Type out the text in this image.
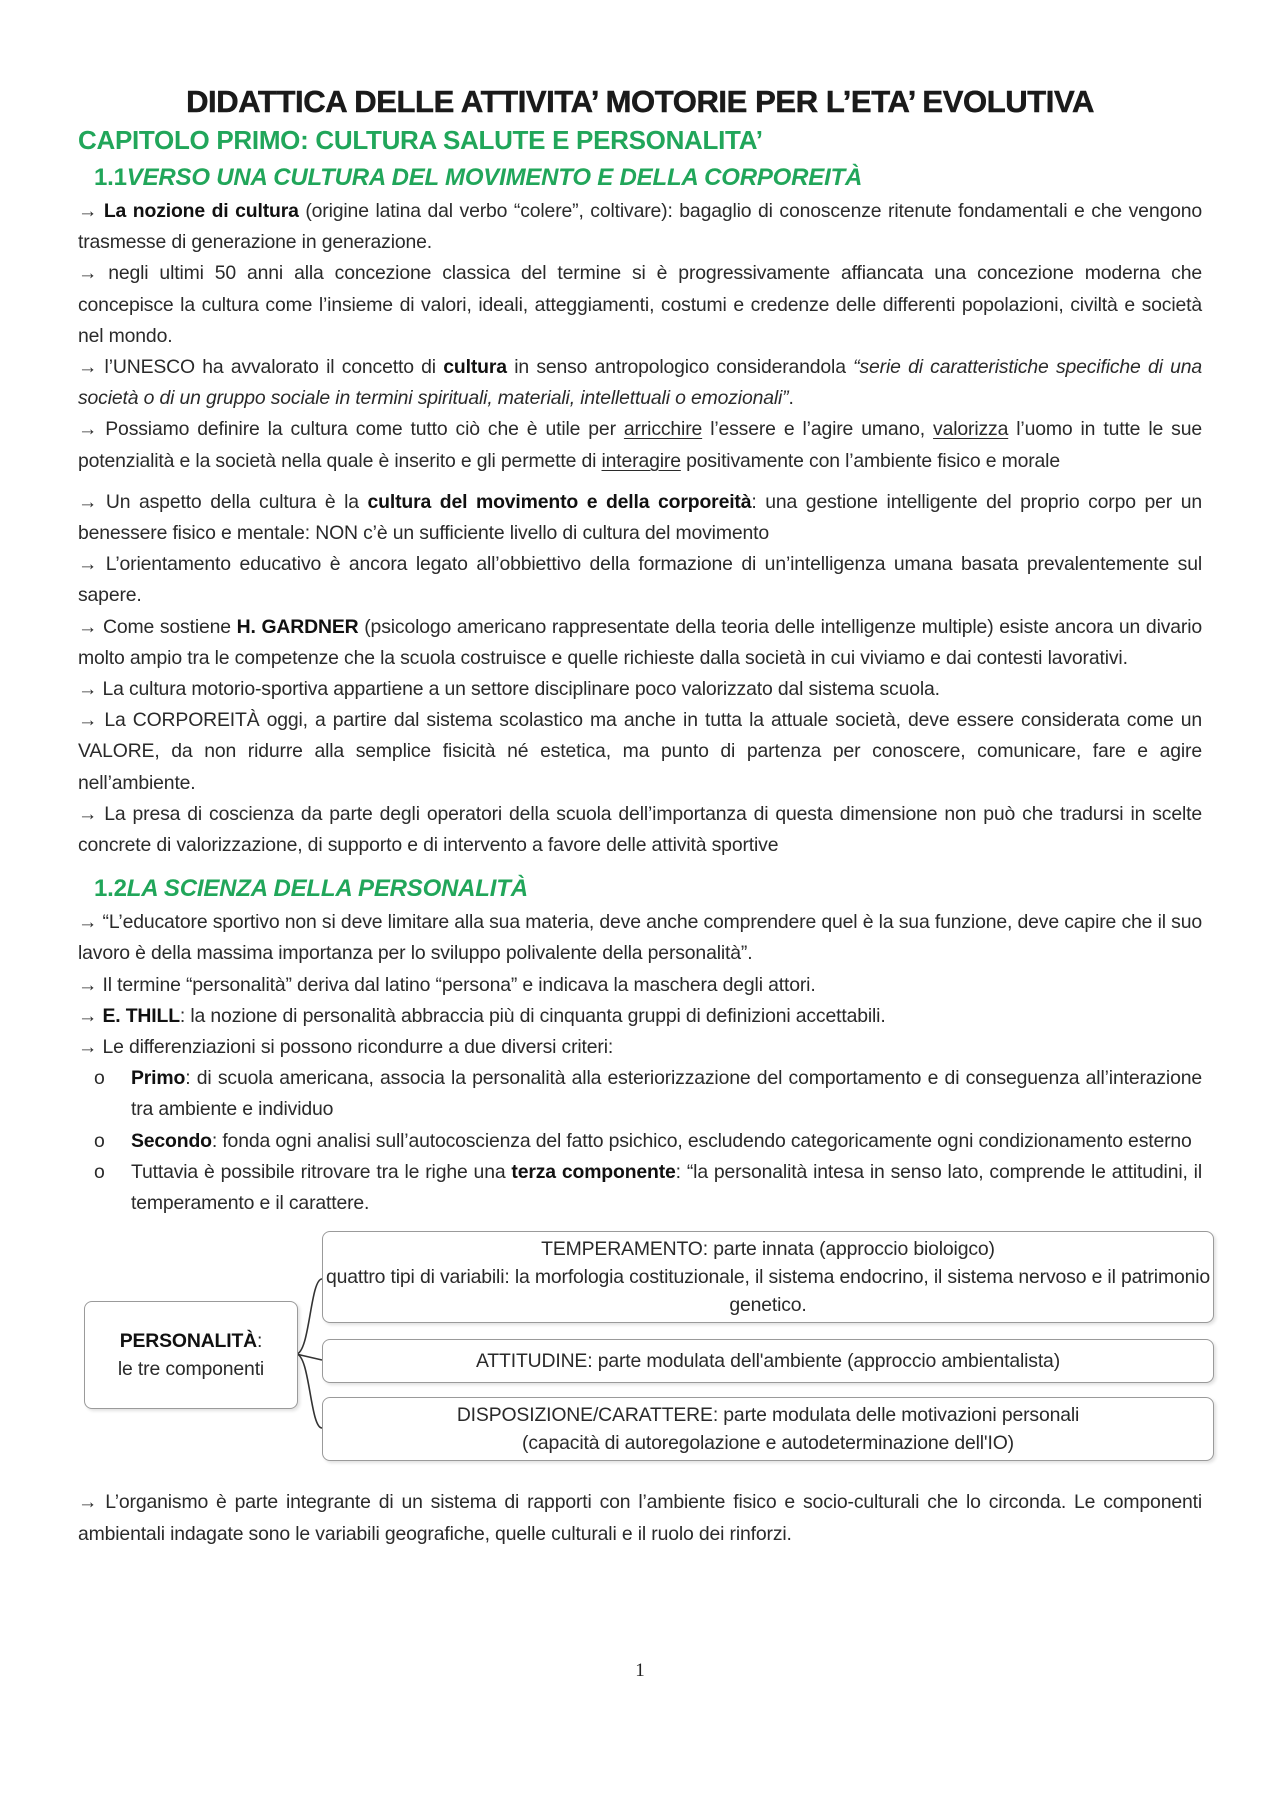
DIDATTICA DELLE ATTIVITA’ MOTORIE PER L’ETA’ EVOLUTIVA
CAPITOLO PRIMO: CULTURA SALUTE E PERSONALITA’
1.1VERSO UNA CULTURA DEL MOVIMENTO E DELLA CORPOREITÀ

→ La nozione di cultura (origine latina dal verbo “colere”, coltivare): bagaglio di conoscenze ritenute fondamentali e che vengono trasmesse di generazione in generazione.

→ negli ultimi 50 anni alla concezione classica del termine si è progressivamente affiancata una concezione moderna che concepisce la cultura come l’insieme di valori, ideali, atteggiamenti, costumi e credenze delle differenti popolazioni, civiltà e società nel mondo.

→ l’UNESCO ha avvalorato il concetto di cultura in senso antropologico considerandola “serie di caratteristiche specifiche di una società o di un gruppo sociale in termini spirituali, materiali, intellettuali o emozionali”.

→ Possiamo definire la cultura come tutto ciò che è utile per arricchire l’essere e l’agire umano, valorizza l’uomo in tutte le sue potenzialità e la società nella quale è inserito e gli permette di interagire positivamente con l’ambiente fisico e morale

→ Un aspetto della cultura è la cultura del movimento e della corporeità: una gestione intelligente del proprio corpo per un benessere fisico e mentale: NON c’è un sufficiente livello di cultura del movimento

→ L’orientamento educativo è ancora legato all’obbiettivo della formazione di un’intelligenza umana basata prevalentemente sul sapere.

→ Come sostiene H. GARDNER (psicologo americano rappresentate della teoria delle intelligenze multiple) esiste ancora un divario molto ampio tra le competenze che la scuola costruisce e quelle richieste dalla società in cui viviamo e dai contesti lavorativi.

→ La cultura motorio-sportiva appartiene a un settore disciplinare poco valorizzato dal sistema scuola.

→ La CORPOREITÀ oggi, a partire dal sistema scolastico ma anche in tutta la attuale società, deve essere considerata come un VALORE, da non ridurre alla semplice fisicità né estetica, ma punto di partenza per conoscere, comunicare, fare e agire nell’ambiente.

→ La presa di coscienza da parte degli operatori della scuola dell’importanza di questa dimensione non può che tradursi in scelte concrete di valorizzazione, di supporto e di intervento a favore delle attività sportive

1.2LA SCIENZA DELLA PERSONALITÀ

→ “L’educatore sportivo non si deve limitare alla sua materia, deve anche comprendere quel è la sua funzione, deve capire che il suo lavoro è della massima importanza per lo sviluppo polivalente della personalità”.

→ Il termine “personalità” deriva dal latino “persona” e indicava la maschera degli attori.

→ E. THILL: la nozione di personalità abbraccia più di cinquanta gruppi di definizioni accettabili.

→ Le differenziazioni si possono ricondurre a due diversi criteri:

o Primo: di scuola americana, associa la personalità alla esteriorizzazione del comportamento e di conseguenza all’interazione tra ambiente e individuo
o Secondo: fonda ogni analisi sull’autocoscienza del fatto psichico, escludendo categoricamente ogni condizionamento esterno
o Tuttavia è possibile ritrovare tra le righe una terza componente: “la personalità intesa in senso lato, comprende le attitudini, il temperamento e il carattere.
PERSONALITÀ:
le tre componenti
TEMPERAMENTO: parte innata (approccio bioloigco)
quattro tipi di variabili: la morfologia costituzionale, il sistema endocrino, il sistema nervoso e il patrimonio genetico.
ATTITUDINE: parte modulata dell'ambiente (approccio ambientalista)
DISPOSIZIONE/CARATTERE: parte modulata delle motivazioni personali
(capacità di autoregolazione e autodeterminazione dell'IO)

→ L’organismo è parte integrante di un sistema di rapporti con l’ambiente fisico e socio-culturali che lo circonda. Le componenti ambientali indagate sono le variabili geografiche, quelle culturali e il ruolo dei rinforzi.

1
